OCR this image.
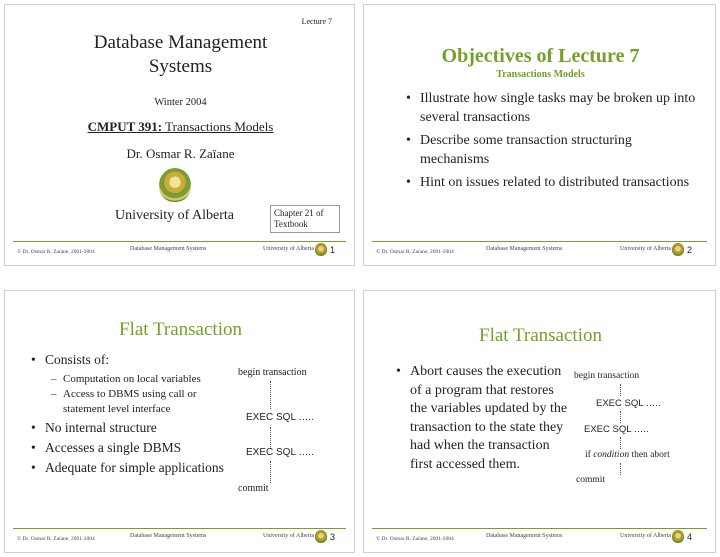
Lecture 7
Database Management
Systems
Winter 2004
CMPUT 391: Transactions Models
Dr. Osmar R. Zaïane
University of Alberta	Chapter 21 of
Textbook
© Dr. Osmar R. Zaïane, 2001-2004	Database Management Systems	University of Alberta 1
Objectives of Lecture 7
Transactions Models
• Illustrate how single tasks may be broken up into several transactions
• Describe some transaction structuring mechanisms
• Hint on issues related to distributed transactions
© Dr. Osmar R. Zaïane, 2001-2004	Database Management Systems	University of Alberta 2
Flat Transaction
• Consists of:
– Computation on local variables
– Access to DBMS using call or statement level interface
• No internal structure
• Accesses a single DBMS
• Adequate for simple applications
begin transaction
EXEC SQL …..
EXEC SQL …..
commit
© Dr. Osmar R. Zaïane, 2001-2004	Database Management Systems	University of Alberta 3
Flat Transaction
• Abort causes the execution of a program that restores the variables updated by the transaction to the state they had when the transaction first accessed them.
begin transaction
EXEC SQL …..
EXEC SQL …..
if condition then abort
commit
© Dr. Osmar R. Zaïane, 2001-2004	Database Management Systems	University of Alberta 4
